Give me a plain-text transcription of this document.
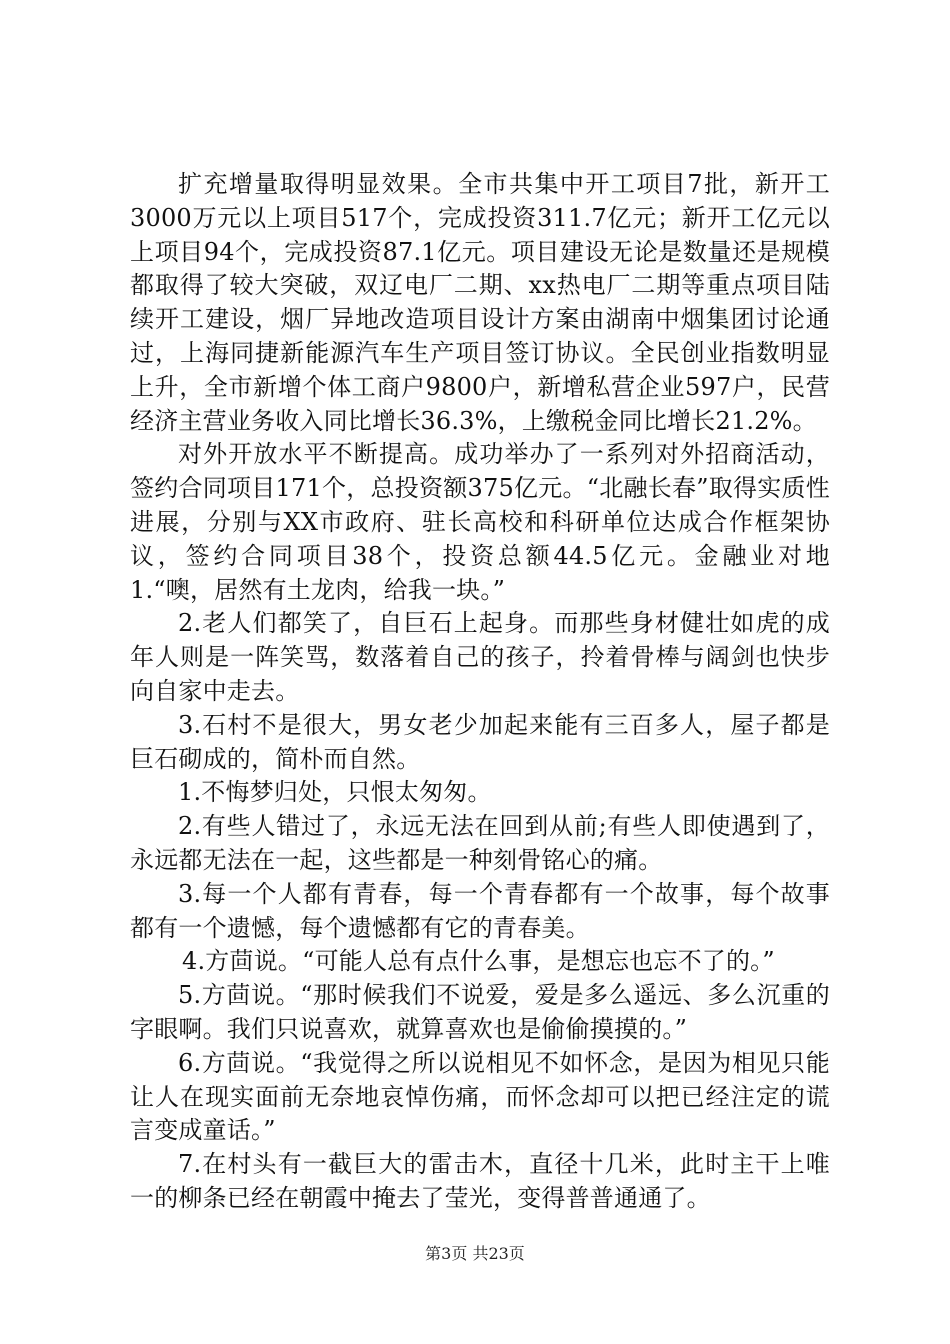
扩充增量取得明显效果。全市共集中开工项目7批，新开工3000万元以上项目517个，完成投资311.7亿元；新开工亿元以上项目94个，完成投资87.1亿元。项目建设无论是数量还是规模都取得了较大突破，双辽电厂二期、xx热电厂二期等重点项目陆续开工建设，烟厂异地改造项目设计方案由湖南中烟集团讨论通过，上海同捷新能源汽车生产项目签订协议。全民创业指数明显上升，全市新增个体工商户9800户，新增私营企业597户，民营经济主营业务收入同比增长36.3%，上缴税金同比增长21.2%。

对外开放水平不断提高。成功举办了一系列对外招商活动，签约合同项目171个，总投资额375亿元。“北融长春”取得实质性进展，分别与XX市政府、驻长高校和科研单位达成合作框架协议，签约合同项目38个，投资总额44.5亿元。金融业对地1.“噢，居然有土龙肉，给我一块。”

2.老人们都笑了，自巨石上起身。而那些身材健壮如虎的成年人则是一阵笑骂，数落着自己的孩子，拎着骨棒与阔剑也快步向自家中走去。

3.石村不是很大，男女老少加起来能有三百多人，屋子都是巨石砌成的，简朴而自然。

1.不悔梦归处，只恨太匆匆。

2.有些人错过了，永远无法在回到从前;有些人即使遇到了，永远都无法在一起，这些都是一种刻骨铭心的痛。

3.每一个人都有青春，每一个青春都有一个故事，每个故事都有一个遗憾，每个遗憾都有它的青春美。

4.方茴说。“可能人总有点什么事，是想忘也忘不了的。”

5.方茴说。“那时候我们不说爱，爱是多么遥远、多么沉重的字眼啊。我们只说喜欢，就算喜欢也是偷偷摸摸的。”

6.方茴说。“我觉得之所以说相见不如怀念，是因为相见只能让人在现实面前无奈地哀悼伤痛，而怀念却可以把已经注定的谎言变成童话。”

7.在村头有一截巨大的雷击木，直径十几米，此时主干上唯一的柳条已经在朝霞中掩去了莹光，变得普普通通了。

第3页 共23页
